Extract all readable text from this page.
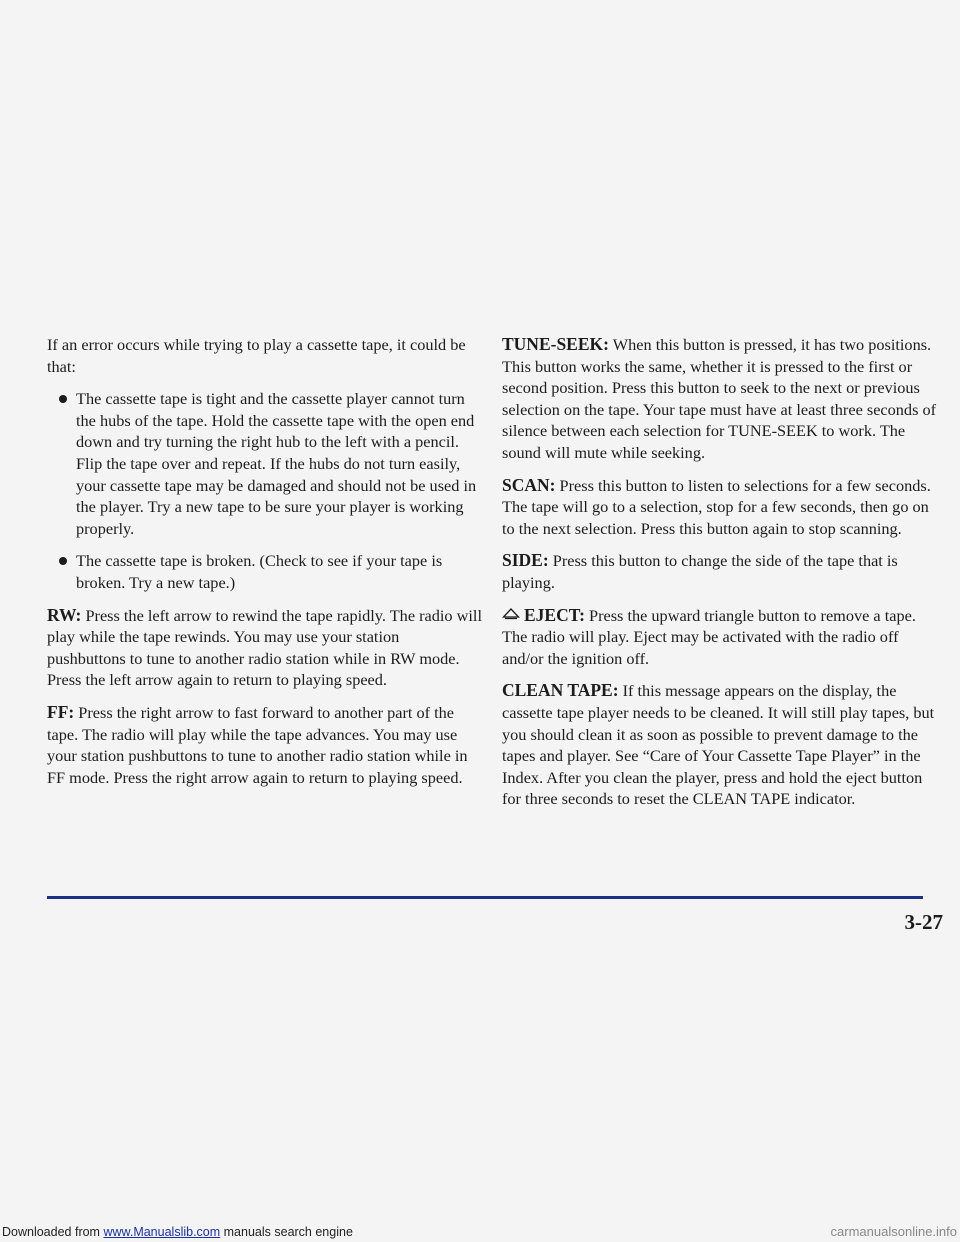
If an error occurs while trying to play a cassette tape, it could be that:

The cassette tape is tight and the cassette player cannot turn the hubs of the tape. Hold the cassette tape with the open end down and try turning the right hub to the left with a pencil. Flip the tape over and repeat. If the hubs do not turn easily, your cassette tape may be damaged and should not be used in the player. Try a new tape to be sure your player is working properly.
The cassette tape is broken. (Check to see if your tape is broken. Try a new tape.)

RW: Press the left arrow to rewind the tape rapidly. The radio will play while the tape rewinds. You may use your station pushbuttons to tune to another radio station while in RW mode. Press the left arrow again to return to playing speed.

FF: Press the right arrow to fast forward to another part of the tape. The radio will play while the tape advances. You may use your station pushbuttons to tune to another radio station while in FF mode. Press the right arrow again to return to playing speed.

TUNE-SEEK: When this button is pressed, it has two positions. This button works the same, whether it is pressed to the first or second position. Press this button to seek to the next or previous selection on the tape. Your tape must have at least three seconds of silence between each selection for TUNE-SEEK to work. The sound will mute while seeking.

SCAN: Press this button to listen to selections for a few seconds. The tape will go to a selection, stop for a few seconds, then go on to the next selection. Press this button again to stop scanning.

SIDE: Press this button to change the side of the tape that is playing.

EJECT: Press the upward triangle button to remove a tape. The radio will play. Eject may be activated with the radio off and/or the ignition off.

CLEAN TAPE: If this message appears on the display, the cassette tape player needs to be cleaned. It will still play tapes, but you should clean it as soon as possible to prevent damage to the tapes and player. See “Care of Your Cassette Tape Player” in the Index. After you clean the player, press and hold the eject button for three seconds to reset the CLEAN TAPE indicator.

3-27
Downloaded from www.Manualslib.com manuals search engine	carmanualsonline.info
